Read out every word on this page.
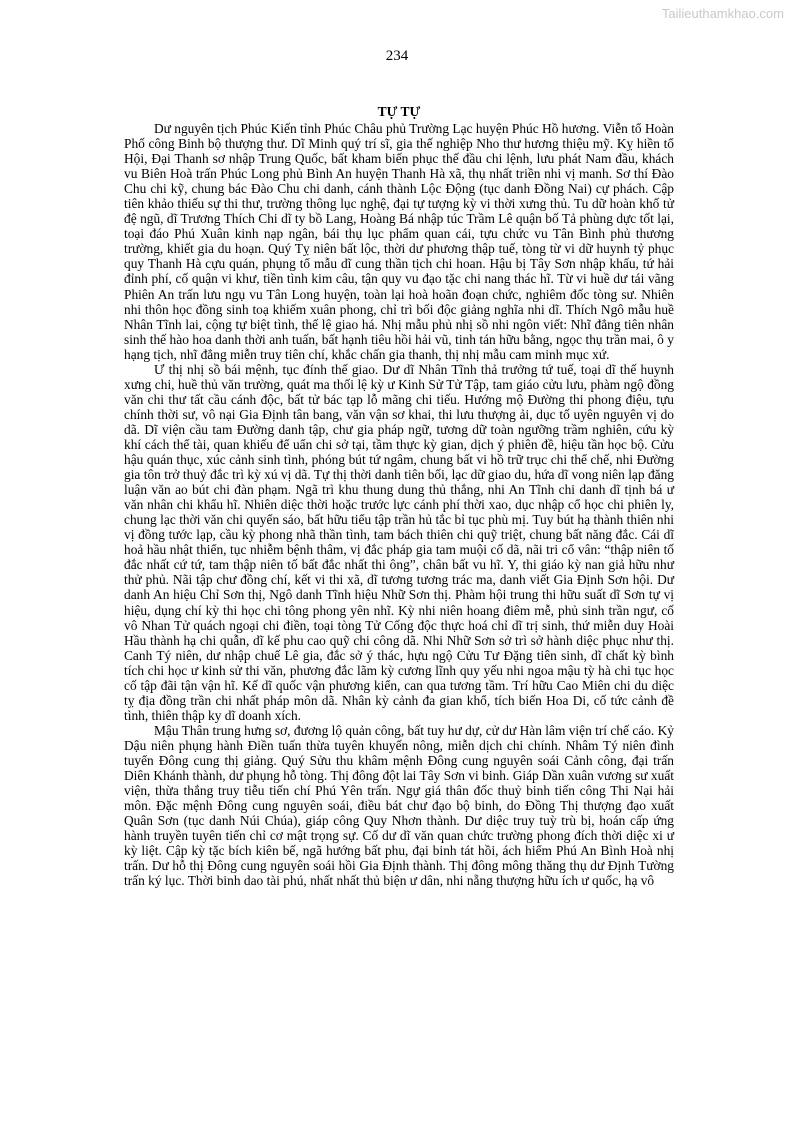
Tailieuthamkhao.com
234
TỰ TỰ

Dư nguyên tịch Phúc Kiến tỉnh Phúc Châu phủ Trường Lạc huyện Phúc Hồ hương. Viễn tổ Hoàn Phố công Binh bộ thượng thư. Dĩ Minh quý trí sĩ, gia thế nghiệp Nho thư hương thiệu mỹ. Kỵ hiền tổ Hội, Đại Thanh sơ nhập Trung Quốc, bất kham biến phục thế đầu chi lệnh, lưu phát Nam đầu, khách vu Biên Hoà trấn Phúc Long phủ Bình An huyện Thanh Hà xã, thụ nhất triền nhi vị manh. Sơ thí Đào Chu chi kỹ, chung bác Đào Chu chi danh, cánh thành Lộc Động (tục danh Đồng Nai) cự phách. Cập tiên khảo thiếu sự thi thư, trường thông lục nghệ, đại tự tượng kỳ vi thời xưng thủ. Tu dữ hoàn khố tử đệ ngũ, dĩ Trương Thích Chi dĩ ty bồ Lang, Hoàng Bá nhập túc Trầm Lê quận bố Tả phùng dực tốt lại, toại đáo Phú Xuân kinh nạp ngân, bái thụ lục phẩm quan cái, tựu chức vu Tân Bình phủ thương trường, khiết gia du hoạn. Quý Tỵ niên bất lộc, thời dư phương thập tuế, tòng từ vi dữ huynh tỷ phục quy Thanh Hà cựu quán, phụng tổ mẫu dĩ cung thần tịch chi hoan. Hậu bị Tây Sơn nhập khấu, tứ hải đỉnh phí, cố quận vi khư, tiền tình kim câu, tận quy vu đạo tặc chi nang thác hĩ. Từ vi huề dư tái vãng Phiên An trấn lưu ngụ vu Tân Long huyện, toàn lại hoà hoãn đoạn chức, nghiêm đốc tòng sư. Nhiên nhi thôn học đồng sinh toạ khiếm xuân phong, chỉ trì bối độc giảng nghĩa nhi dĩ. Thích Ngô mẫu huề Nhân Tĩnh lai, cộng tự biệt tình, thế lệ giao há. Nhị mẫu phủ nhị sồ nhi ngôn viết: Nhĩ đẳng tiên nhân sinh thế hào hoa danh thời anh tuấn, bất hạnh tiêu hồi hải vũ, tinh tán hữu bằng, ngọc thụ trần mai, ô y hạng tịch, nhĩ đẳng miễn truy tiên chí, khắc chấn gia thanh, thị nhị mẫu cam minh mục xứ.

Ư thị nhị sồ bái mệnh, tục đính thế giao. Dư dĩ Nhân Tĩnh thả trưởng tứ tuế, toại dĩ thế huynh xưng chi, huề thủ văn trường, quát ma thối lệ kỳ ư Kinh Sử Tử Tập, tam giáo cửu lưu, phàm ngộ đồng văn chi thư tất cầu cánh độc, bất tử bác tạp lỗ mãng chi tiếu. Hướng mộ Đường thi phong điệu, tựu chính thời sư, vô nại Gia Định tân bang, văn vận sơ khai, thi lưu thượng ải, dục tố uyên nguyên vị do dã. Dĩ viện cầu tam Đường danh tập, chư gia pháp ngữ, tương dữ toàn ngưỡng trầm nghiên, cứu kỳ khí cách thể tài, quan khiếu để uẩn chi sở tại, tầm thực kỳ gian, dịch ý phiên đề, hiệu tần học bộ. Cửu hậu quán thục, xúc cảnh sinh tình, phóng bút tứ ngâm, chung bất vi hồ trữ trục chi thể chế, nhi Đường gia tôn trở thuỷ đắc trì kỳ xú vị dã. Tự thị thời danh tiên bối, lạc dữ giao du, hứa dĩ vong niên lạp đăng luận văn ao bút chi đàn phạm. Ngã trì khu thung dung thủ thắng, nhi An Tĩnh chi danh dĩ tịnh bá ư văn nhân chi khẩu hĩ. Nhiên diệc thời hoặc trước lực cánh phí thời xao, dục nhập cổ học chi phiên ly, chung lạc thời văn chi quyển sáo, bất hữu tiểu tập trần hủ tắc bỉ tục phù mị. Tuy bút hạ thành thiên nhi vị đồng tước lạp, cầu kỳ phong nhã thần tình, tam bách thiên chi quỹ triệt, chung bất năng đắc. Cái dĩ hoả hầu nhật thiển, tục nhiễm bệnh thâm, vị đắc pháp gia tam muội cố dã, nãi tri cổ vân: “thập niên tố đắc nhất cứ tứ, tam thập niên tố bất đắc nhất thi ông”, chân bất vu hĩ. Y, thi giáo kỳ nan giả hữu như thử phủ. Nãi tập chư đồng chí, kết vi thi xã, dĩ tương tương trác ma, danh viết Gia Định Sơn hội. Dư danh An hiệu Chỉ Sơn thị, Ngô danh Tĩnh hiệu Nhữ Sơn thị. Phàm hội trung thi hữu suất dĩ Sơn tự vị hiệu, dụng chí kỳ thi học chi tông phong yên nhĩ. Kỳ nhi niên hoang điêm mễ, phủ sinh trần ngư, cố vô Nhan Tử quách ngoại chi điền, toại tòng Tử Cống độc thực hoá chỉ dĩ trị sinh, thứ miễn duy Hoài Hầu thành hạ chi quẫn, dĩ kế phu cao quỹ chi công dã. Nhi Nhữ Sơn sở trì sở hành diệc phục như thị. Canh Tý niên, dư nhập chuế Lê gia, đắc sở ý thác, hựu ngộ Cửu Tư Đặng tiên sinh, dĩ chất kỳ bình tích chi học ư kinh sử thi văn, phương đắc lãm kỳ cương lĩnh quy yếu nhi ngoa mậu tỳ hà chi tục học cố tập đãi tận vận hĩ. Kế dĩ quốc vận phương kiển, can qua tương tầm. Trí hữu Cao Miên chi du diệc tỵ địa đồng trần chi nhất pháp môn dã. Nhân kỳ cảnh đa gian khổ, tích biến Hoa Di, cố tức cảnh đề tình, thiên thập ky dĩ doanh xích.

Mậu Thân trung hưng sơ, đương lộ quản công, bất tuy hư dự, cử dư Hàn lâm viện trí chế cáo. Kỷ Dậu niên phụng hành Điền tuấn thừa tuyên khuyến nông, miễn dịch chi chính. Nhâm Tý niên đình tuyển Đông cung thị giảng. Quý Sửu thu khâm mệnh Đông cung nguyên soái Cảnh công, đại trấn Diên Khánh thành, dư phụng hỗ tòng. Thị đông đột lai Tây Sơn vi binh. Giáp Dần xuân vương sư xuất viện, thừa thắng truy tiễu tiến chí Phú Yên trấn. Ngự giá thân đốc thuỷ binh tiến công Thi Nại hải môn. Đặc mệnh Đông cung nguyên soái, điều bát chư đạo bộ binh, do Đồng Thị thượng đạo xuất Quân Sơn (tục danh Núi Chúa), giáp công Quy Nhơn thành. Dư diệc truy tuỳ trù bị, hoán cấp ứng hành truyền tuyên tiến chỉ cơ mật trọng sự. Cố dư dĩ văn quan chức trường phong đích thời diệc xi ư kỳ liệt. Cập kỳ tặc bích kiên bế, ngã hướng bất phu, đại binh tát hồi, ách hiểm Phú An Bình Hoà nhị trấn. Dư hỗ thị Đông cung nguyên soái hồi Gia Định thành. Thị đông mông thăng thụ dư Định Tường trấn ký lục. Thời binh dao tài phú, nhất nhất thủ biện ư dân, nhi nẵng thượng hữu ích ư quốc, hạ vô
